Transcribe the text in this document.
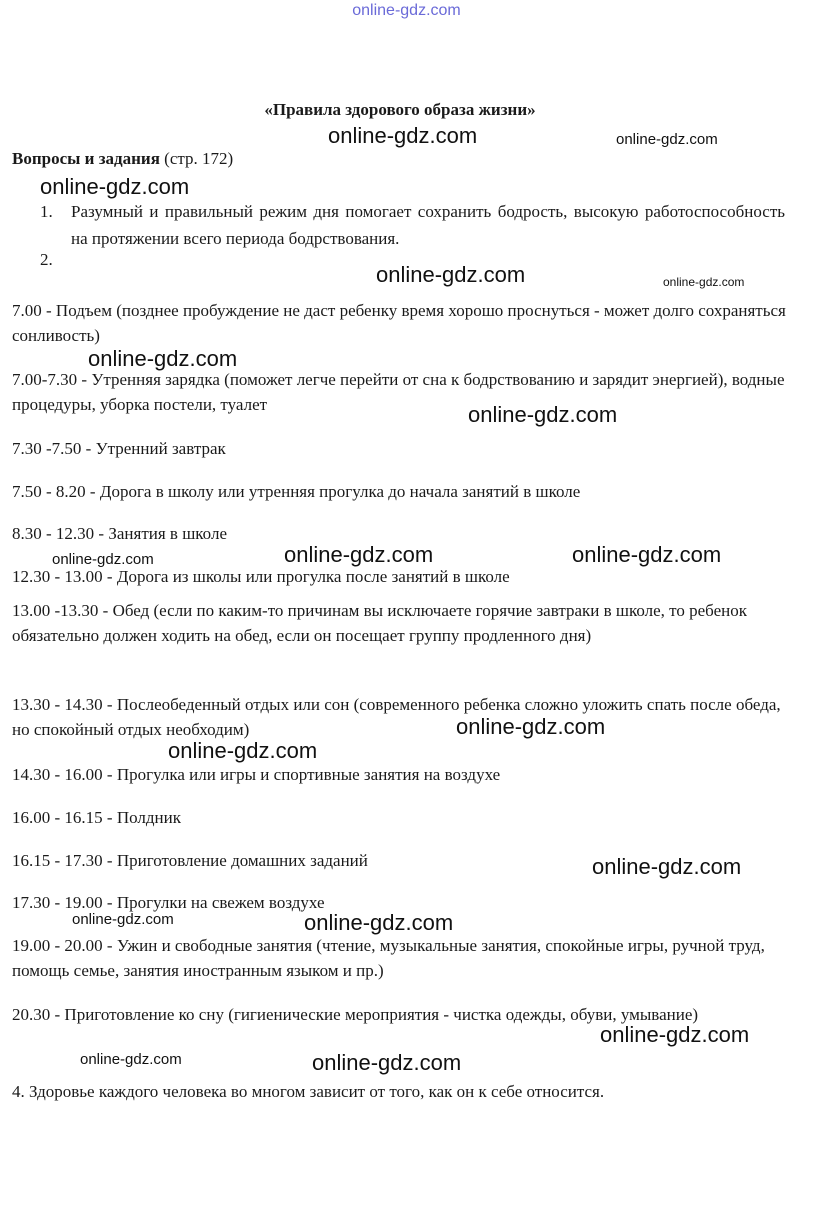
online-gdz.com
«Правила здорового образа жизни»
Вопросы и задания (стр. 172)
1. Разумный и правильный режим дня помогает сохранить бодрость, высокую работоспособность на протяжении всего периода бодрствования.
2.
7.00 - Подъем (позднее пробуждение не даст ребенку время хорошо проснуться - может долго сохраняться сонливость)
7.00-7.30 - Утренняя зарядка (поможет легче перейти от сна к бодрствованию и зарядит энергией), водные процедуры, уборка постели, туалет
7.30 -7.50 - Утренний завтрак
7.50 - 8.20 - Дорога в школу или утренняя прогулка до начала занятий в школе
8.30 - 12.30 - Занятия в школе
12.30 - 13.00 - Дорога из школы или прогулка после занятий в школе
13.00 -13.30 - Обед (если по каким-то причинам вы исключаете горячие завтраки в школе, то ребенок обязательно должен ходить на обед, если он посещает группу продленного дня)
13.30 - 14.30 - Послеобеденный отдых или сон (современного ребенка сложно уложить спать после обеда, но спокойный отдых необходим)
14.30 - 16.00 - Прогулка или игры и спортивные занятия на воздухе
16.00 - 16.15 - Полдник
16.15 - 17.30 - Приготовление домашних заданий
17.30 - 19.00 - Прогулки на свежем воздухе
19.00 - 20.00 - Ужин и свободные занятия (чтение, музыкальные занятия, спокойные игры, ручной труд, помощь семье, занятия иностранным языком и пр.)
20.30 - Приготовление ко сну (гигиенические мероприятия - чистка одежды, обуви, умывание)
4. Здоровье каждого человека во многом зависит от того, как он к себе относится.
online-gdz.com	online-gdz.com
online-gdz.com
online-gdz.com	online-gdz.com
online-gdz.com
online-gdz.com
online-gdz.com	online-gdz.com	online-gdz.com
online-gdz.com
online-gdz.com
online-gdz.com
online-gdz.com	online-gdz.com
online-gdz.com
online-gdz.com	online-gdz.com
